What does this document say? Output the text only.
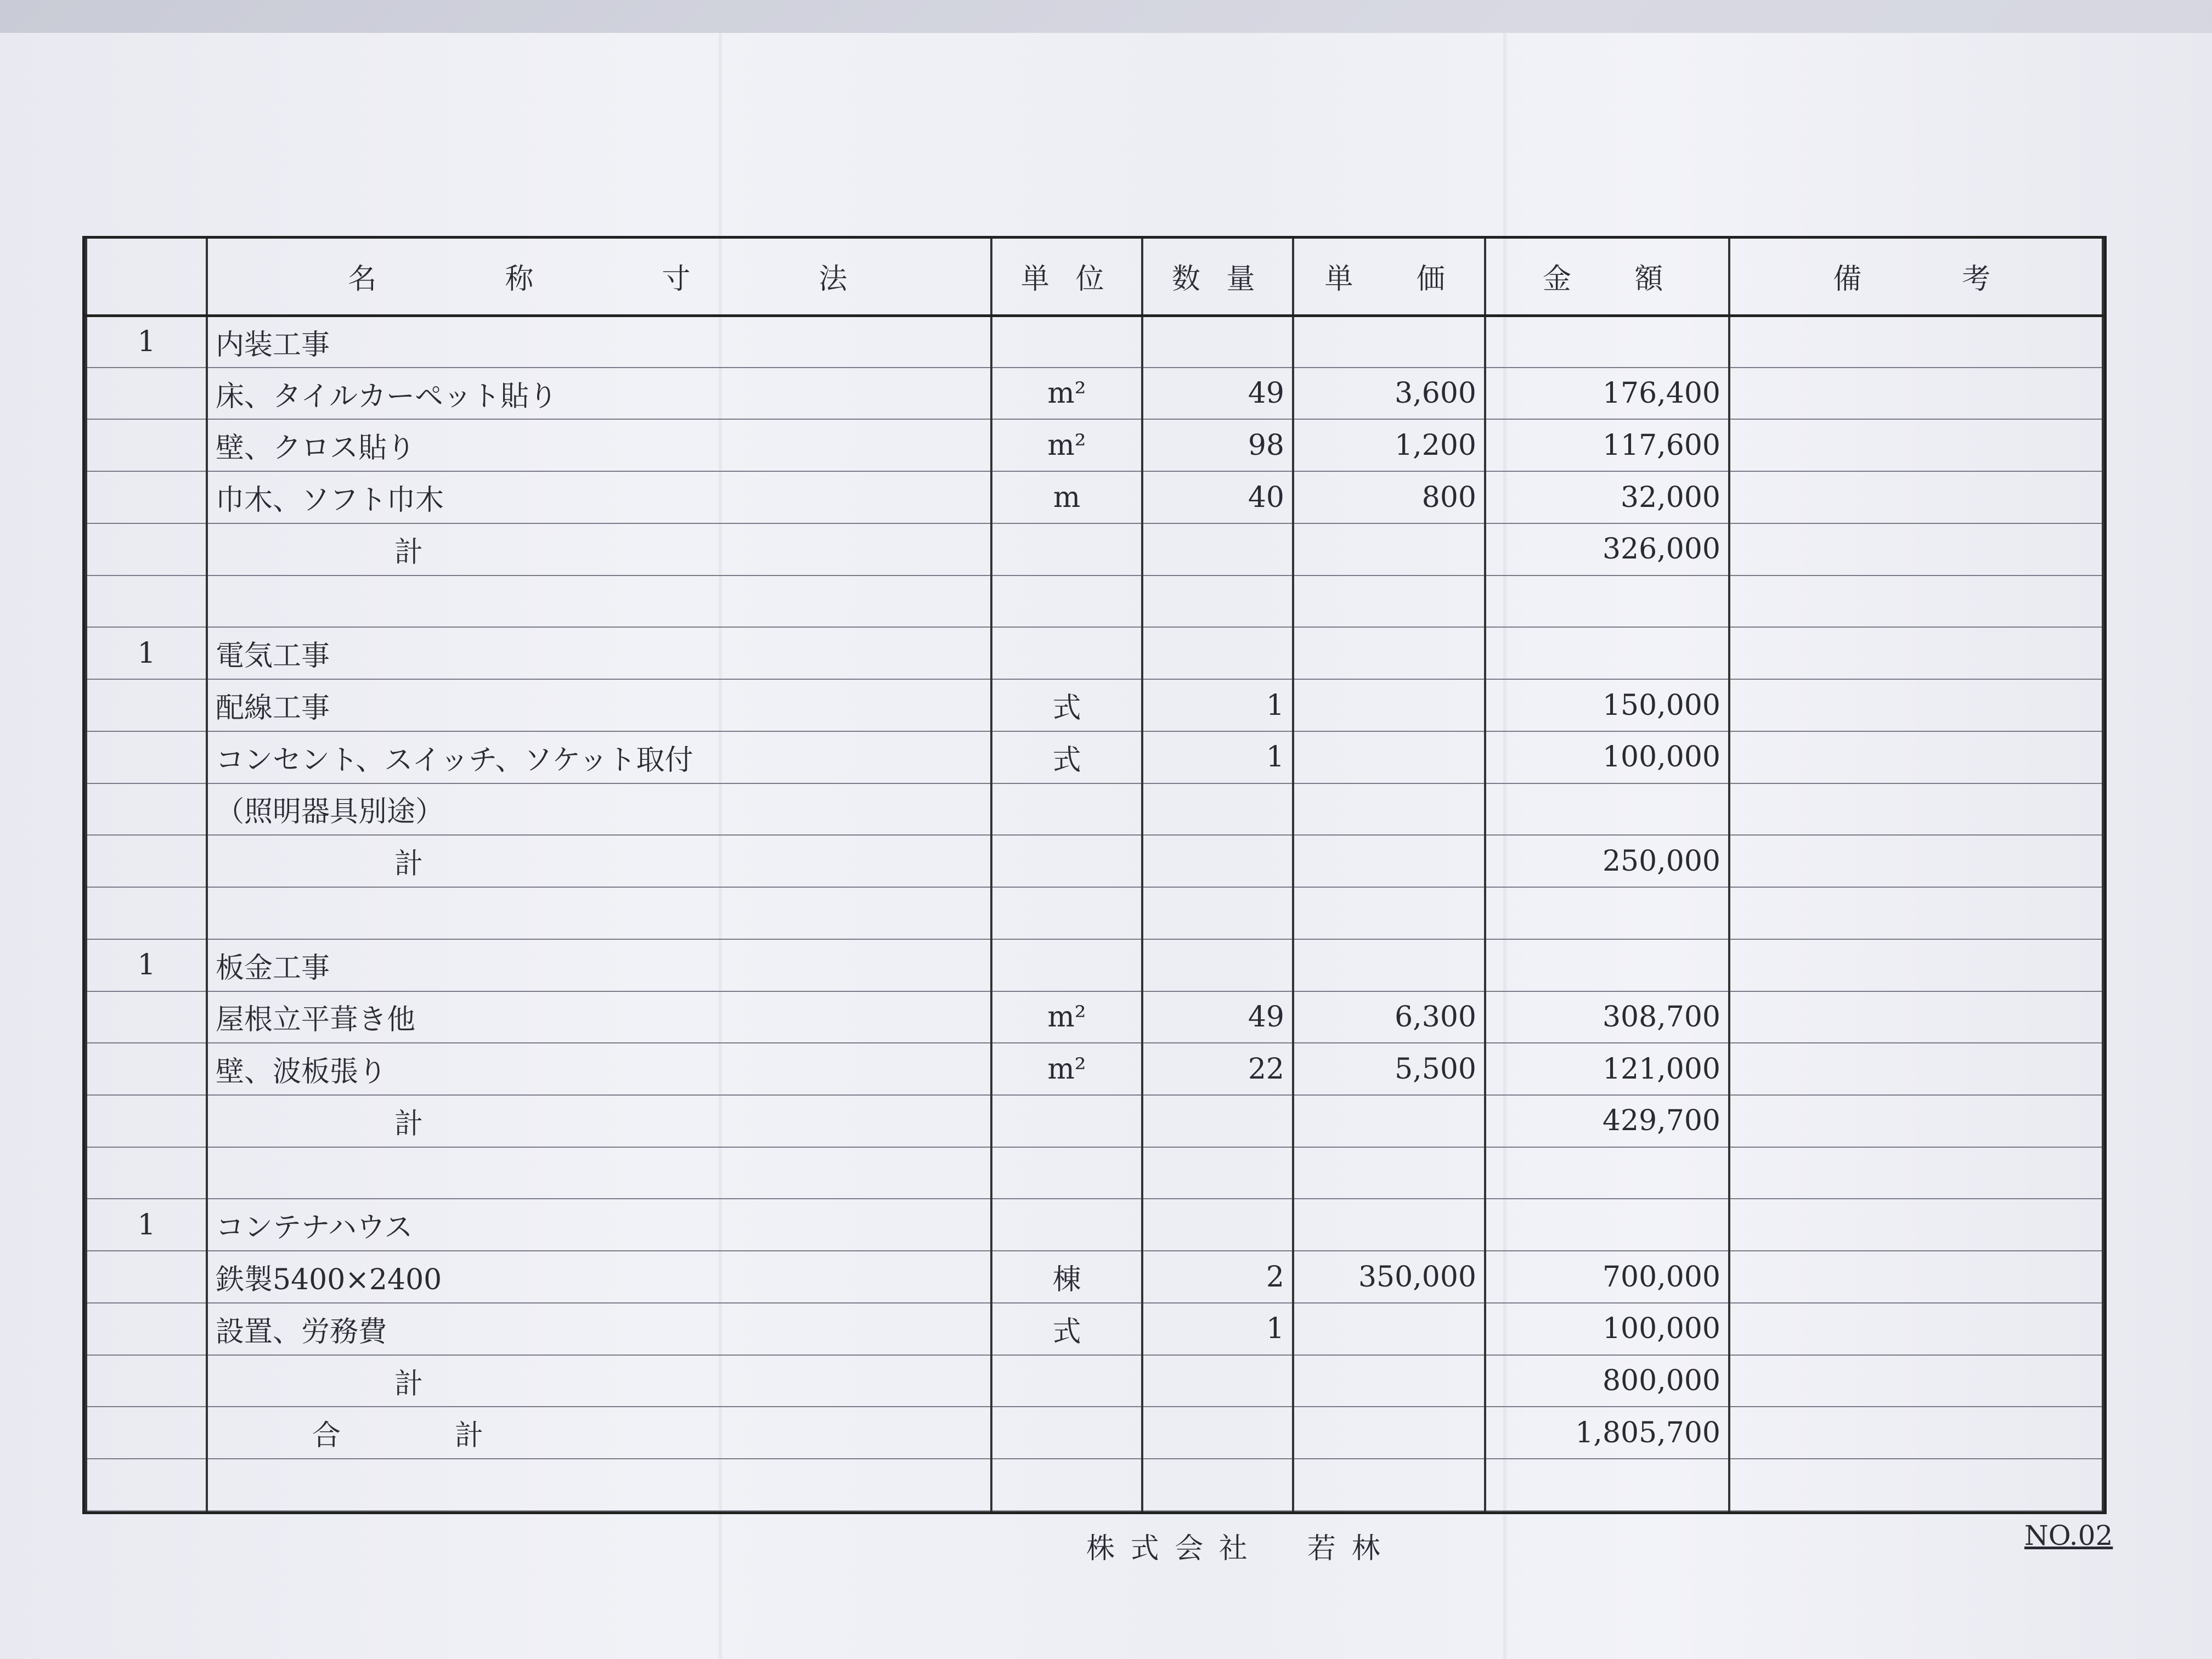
	名　　　　称　　　　寸　　　　法	単 位	数 量	単　 価	金　 額	備　　 考
1	内装工事					
	床、タイルカーペット貼り	m²	49	3,600	176,400	
	壁、クロス貼り	m²	98	1,200	117,600	
	巾木、ソフト巾木	m	40	800	32,000	
	計				326,000	

1	電気工事					
	配線工事	式	1		150,000	
	コンセント、スイッチ、ソケット取付	式	1		100,000	
	（照明器具別途）					
	計				250,000	

1	板金工事					
	屋根立平葺き他	m²	49	6,300	308,700	
	壁、波板張り	m²	22	5,500	121,000	
	計				429,700	

1	コンテナハウス					
	鉄製5400×2400	棟	2	350,000	700,000	
	設置、労務費	式	1		100,000	
	計				800,000	
	合　　　　計				1,805,700	

株式会社　若林	NO.02
